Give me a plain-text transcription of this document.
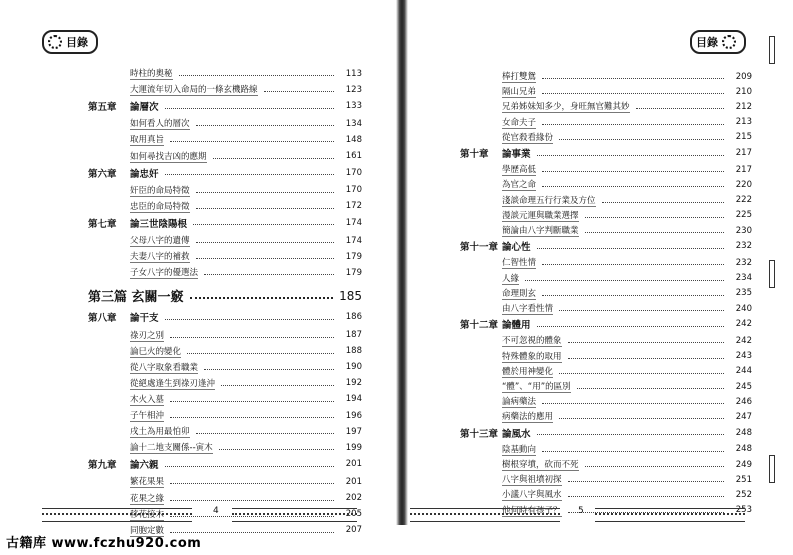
目錄
時柱的奧秘	113
大運流年切入命局的一條玄機路線	123
第五章	論層次	133
如何看人的層次	134
取用真旨	148
如何尋找吉凶的應期	161
第六章	論忠奸	170
奸臣的命局特徵	170
忠臣的命局特徵	172
第七章	論三世陰陽根	174
父母八字的遺傳	174
夫妻八字的補救	179
子女八字的優選法	179
第三篇 玄關一竅	185
第八章	論干支	186
祿刃之別	187
論巳火的變化	188
從八字取象看職業	190
從絕處逢生到祿刃逢沖	192
木火入墓	194
子午相沖	196
戌土為用最怕卯	197
論十二地支關係--寅木	199
第九章	論六親	201
繁花果果	201
花果之緣	202
移花接木	205
同胞定數	207
4
目錄
棒打雙鴛	209
隔山兄弟	210
兄弟姊妹知多少，身旺無官難其妙	212
女命夫子	213
從官殺看緣份	215
第十章	論事業	217
學歷高低	217
為官之命	220
淺談命理五行行業及方位	222
漫談元運與職業選擇	225
簡論由八字判斷職業	230
第十一章 論心性	232
仁智性情	232
人緣	234
命理則玄	235
由八字看性情	240
第十二章 論體用	242
不可忽視的體象	242
特殊體象的取用	243
體於用神變化	244
“體”、“用”的區別	245
論病藥法	246
病藥法的應用	247
第十三章 論風水	248
陰基動向	248
樹根穿墳，砍而不死	249
八字與祖墳初探	251
小議八字與風水	252
他何時有孩子？	253
5
古籍库 www.fczhu920.com
